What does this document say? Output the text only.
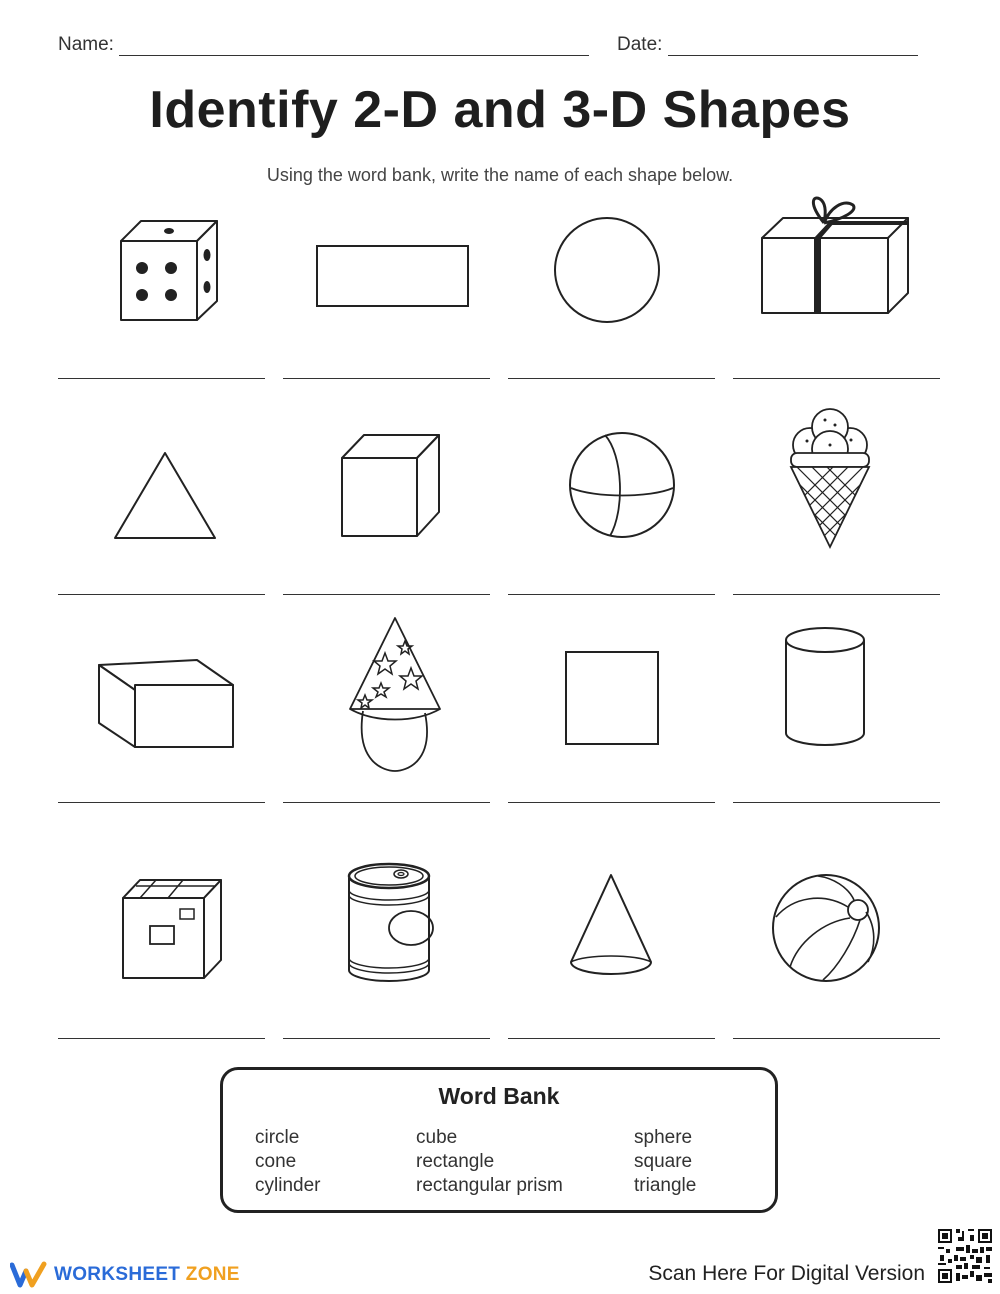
Name:	Date:
Identify 2-D and 3-D Shapes
Using the word bank, write the name of each shape below.
Word Bank
circle
cone
cylinder
cube
rectangle
rectangular prism
sphere
square
triangle
WORKSHEET ZONE	Scan Here For Digital Version
